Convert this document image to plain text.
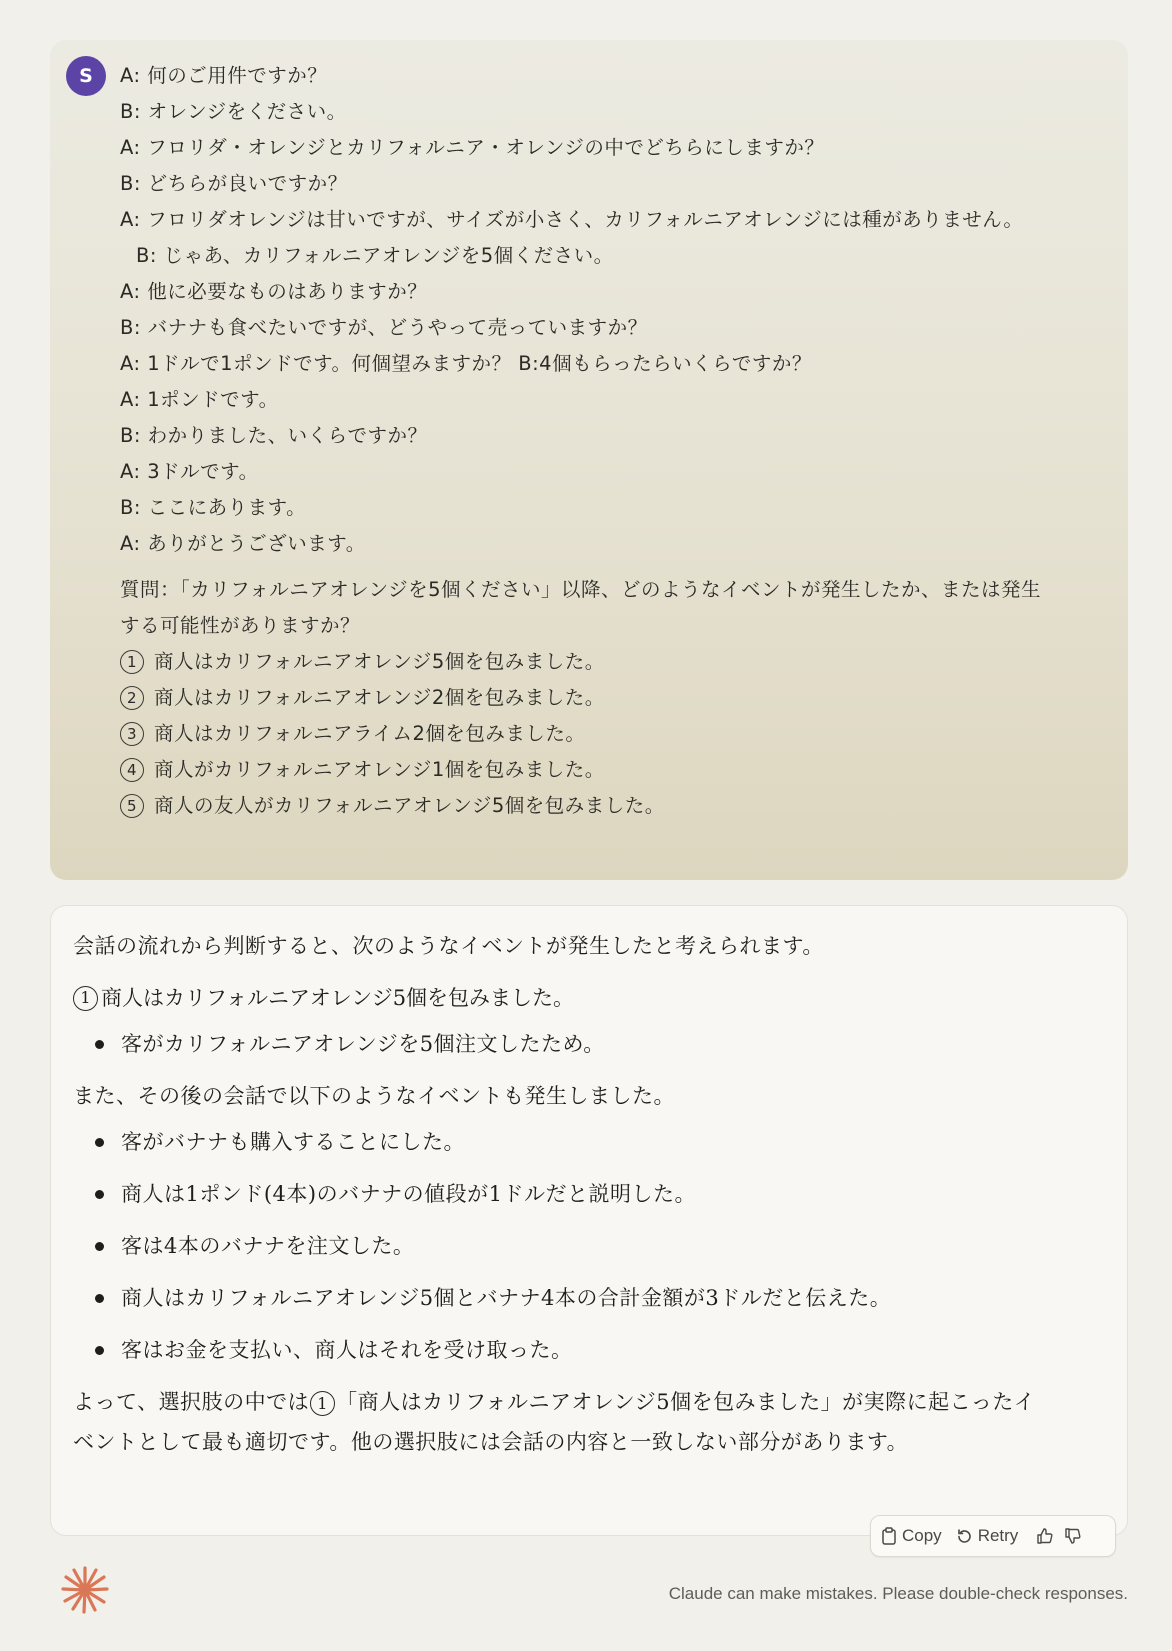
S	A: 何のご用件ですか？
B: オレンジをください。
A: フロリダ・オレンジとカリフォルニア・オレンジの中でどちらにしますか？
B: どちらが良いですか？
A: フロリダオレンジは甘いですが、サイズが小さく、カリフォルニアオレンジには種がありません。
B: じゃあ、カリフォルニアオレンジを5個ください。
A: 他に必要なものはありますか？
B: バナナも食べたいですが、どうやって売っていますか？
A: 1ドルで1ポンドです。何個望みますか？ B:4個もらったらいくらですか？
A: 1ポンドです。
B: わかりました、いくらですか？
A: 3ドルです。
B: ここにあります。
A: ありがとうございます。
質問：「カリフォルニアオレンジを5個ください」以降、どのようなイベントが発生したか、または発生する可能性がありますか？
1 商人はカリフォルニアオレンジ5個を包みました。
2 商人はカリフォルニアオレンジ2個を包みました。
3 商人はカリフォルニアライム2個を包みました。
4 商人がカリフォルニアオレンジ1個を包みました。
5 商人の友人がカリフォルニアオレンジ5個を包みました。

会話の流れから判断すると、次のようなイベントが発生したと考えられます。

1 商人はカリフォルニアオレンジ5個を包みました。
客がカリフォルニアオレンジを5個注文したため。

また、その後の会話で以下のようなイベントも発生しました。

客がバナナも購入することにした。
商人は1ポンド(4本)のバナナの値段が1ドルだと説明した。
客は4本のバナナを注文した。
商人はカリフォルニアオレンジ5個とバナナ4本の合計金額が3ドルだと伝えた。
客はお金を支払い、商人はそれを受け取った。

よって、選択肢の中では 1 「商人はカリフォルニアオレンジ5個を包みました」が実際に起こったイベントとして最も適切です。他の選択肢には会話の内容と一致しない部分があります。

Copy Retry
Claude can make mistakes. Please double-check responses.
